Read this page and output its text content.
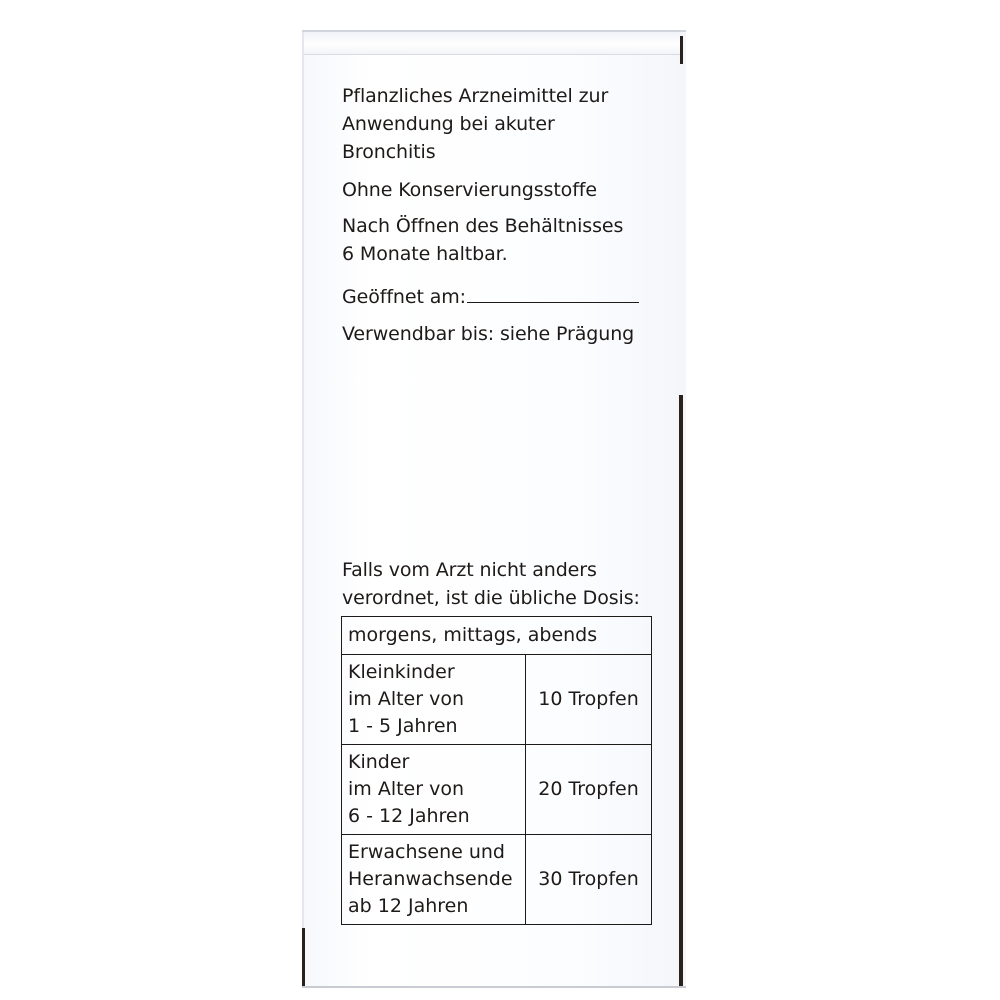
Pflanzliches Arzneimittel zur
Anwendung bei akuter
Bronchitis
Ohne Konservierungsstoffe
Nach Öffnen des Behältnisses
6 Monate haltbar.
Geöffnet am:
Verwendbar bis: siehe Prägung
Falls vom Arzt nicht anders
verordnet, ist die übliche Dosis:
morgens, mittags, abends	

Kleinkinder
im Alter von
1 - 5 Jahren	10 Tropfen

Kinder
im Alter von
6 - 12 Jahren	20 Tropfen

Erwachsene und
Heranwachsende
ab 12 Jahren	30 Tropfen
